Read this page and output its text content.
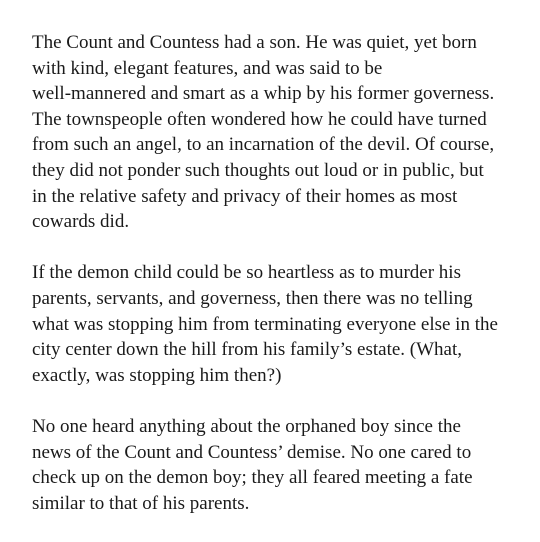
The Count and Countess had a son. He was quiet, yet born
with kind, elegant features, and was said to be
well-mannered and smart as a whip by his former governess.
The townspeople often wondered how he could have turned
from such an angel, to an incarnation of the devil. Of course,
they did not ponder such thoughts out loud or in public, but
in the relative safety and privacy of their homes as most
cowards did.

If the demon child could be so heartless as to murder his
parents, servants, and governess, then there was no telling
what was stopping him from terminating everyone else in the
city center down the hill from his family’s estate. (What,
exactly, was stopping him then?)

No one heard anything about the orphaned boy since the
news of the Count and Countess’ demise. No one cared to
check up on the demon boy; they all feared meeting a fate
similar to that of his parents.
